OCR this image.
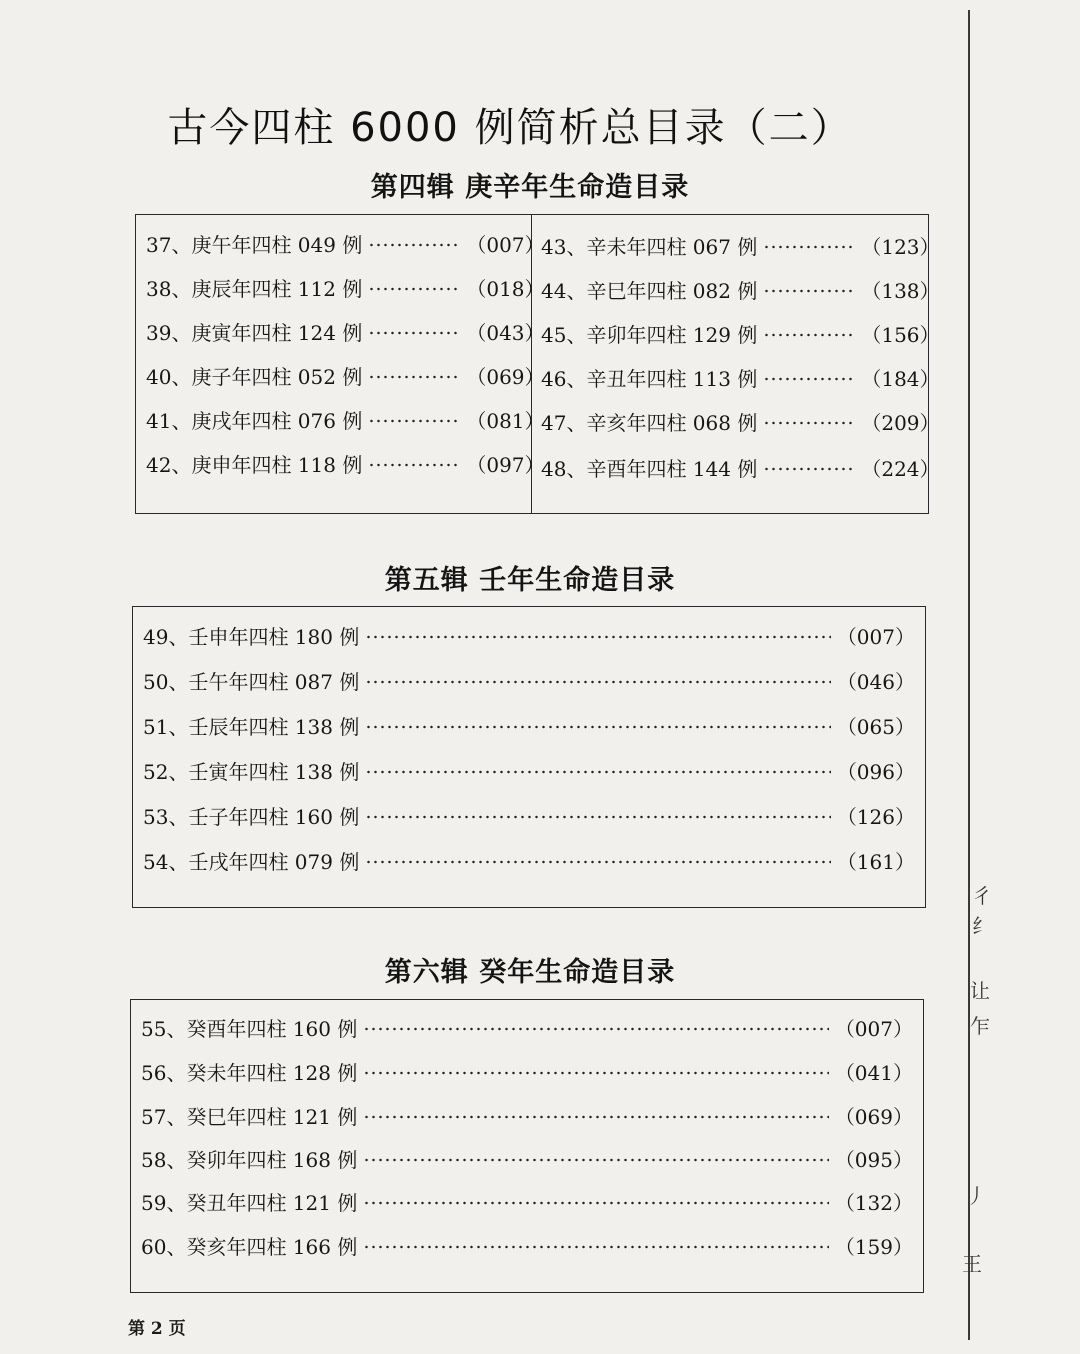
古今四柱 6000 例简析总目录（二）
第四辑 庚辛年生命造目录
37、庚午年四柱 049 例	（007）
38、庚辰年四柱 112 例	（018）
39、庚寅年四柱 124 例	（043）
40、庚子年四柱 052 例	（069）
41、庚戌年四柱 076 例	（081）
42、庚申年四柱 118 例	（097）
43、辛未年四柱 067 例	（123）
44、辛巳年四柱 082 例	（138）
45、辛卯年四柱 129 例	（156）
46、辛丑年四柱 113 例	（184）
47、辛亥年四柱 068 例	（209）
48、辛酉年四柱 144 例	（224）
第五辑 壬年生命造目录
49、壬申年四柱 180 例	（007）
50、壬午年四柱 087 例	（046）
51、壬辰年四柱 138 例	（065）
52、壬寅年四柱 138 例	（096）
53、壬子年四柱 160 例	（126）
54、壬戌年四柱 079 例	（161）
第六辑 癸年生命造目录
55、癸酉年四柱 160 例	（007）
56、癸未年四柱 128 例	（041）
57、癸巳年四柱 121 例	（069）
58、癸卯年四柱 168 例	（095）
59、癸丑年四柱 121 例	（132）
60、癸亥年四柱 166 例	（159）
第 2 页
彳
纟
让
乍
丿
王
